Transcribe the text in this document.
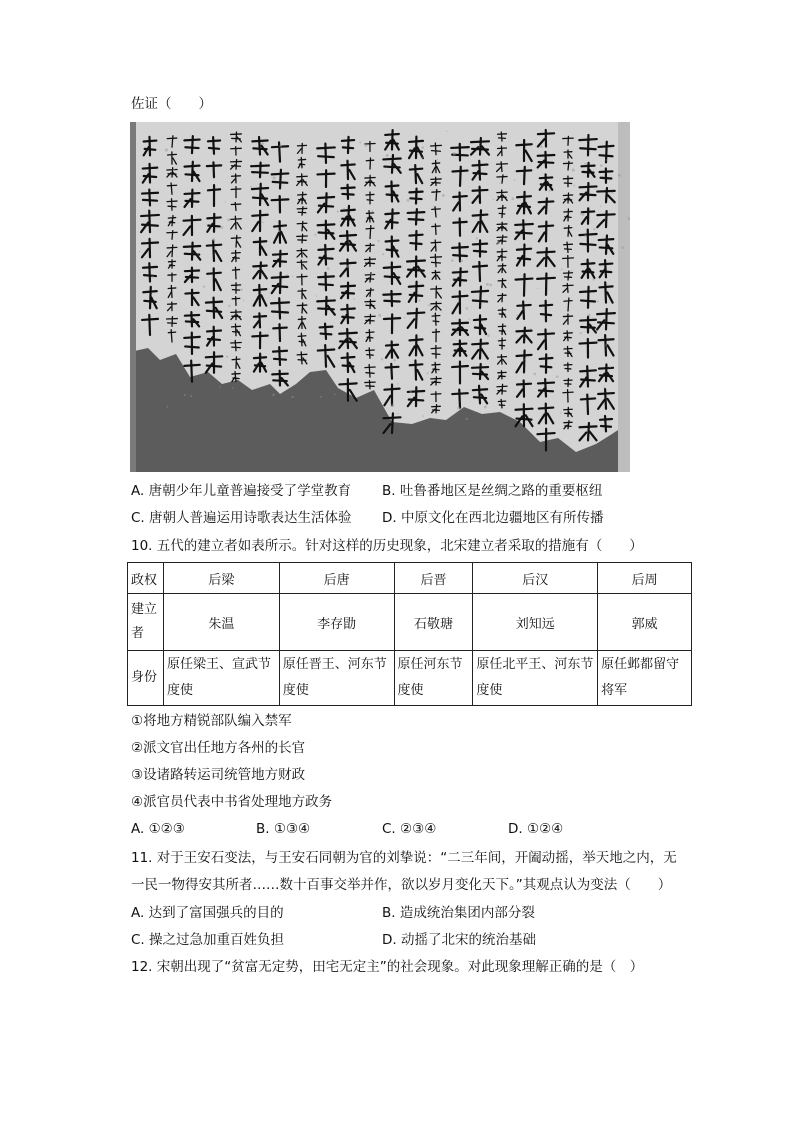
佐证（　　）
A. 唐朝少年儿童普遍接受了学堂教育 B. 吐鲁番地区是丝绸之路的重要枢纽
C. 唐朝人普遍运用诗歌表达生活体验 D. 中原文化在西北边疆地区有所传播
10. 五代的建立者如表所示。针对这样的历史现象，北宋建立者采取的措施有（　　）
政权	后梁	后唐	后晋	后汉	后周
建立者	朱温	李存勖	石敬瑭	刘知远	郭威
身份	原任梁王、宣武节度使	原任晋王、河东节度使	原任河东节度使	原任北平王、河东节度使	原任邺都留守将军
①将地方精锐部队编入禁军
②派文官出任地方各州的长官
③设诸路转运司统管地方财政
④派官员代表中书省处理地方政务
A. ①②③	B. ①③④	C. ②③④	D. ①②④
11. 对于王安石变法，与王安石同朝为官的刘挚说：“二三年间，开阖动摇，举天地之内，无
一民一物得安其所者……数十百事交举并作，欲以岁月变化天下。”其观点认为变法（　　）
A. 达到了富国强兵的目的	B. 造成统治集团内部分裂
C. 操之过急加重百姓负担	D. 动摇了北宋的统治基础
12. 宋朝出现了“贫富无定势，田宅无定主”的社会现象。对此现象理解正确的是（　）
